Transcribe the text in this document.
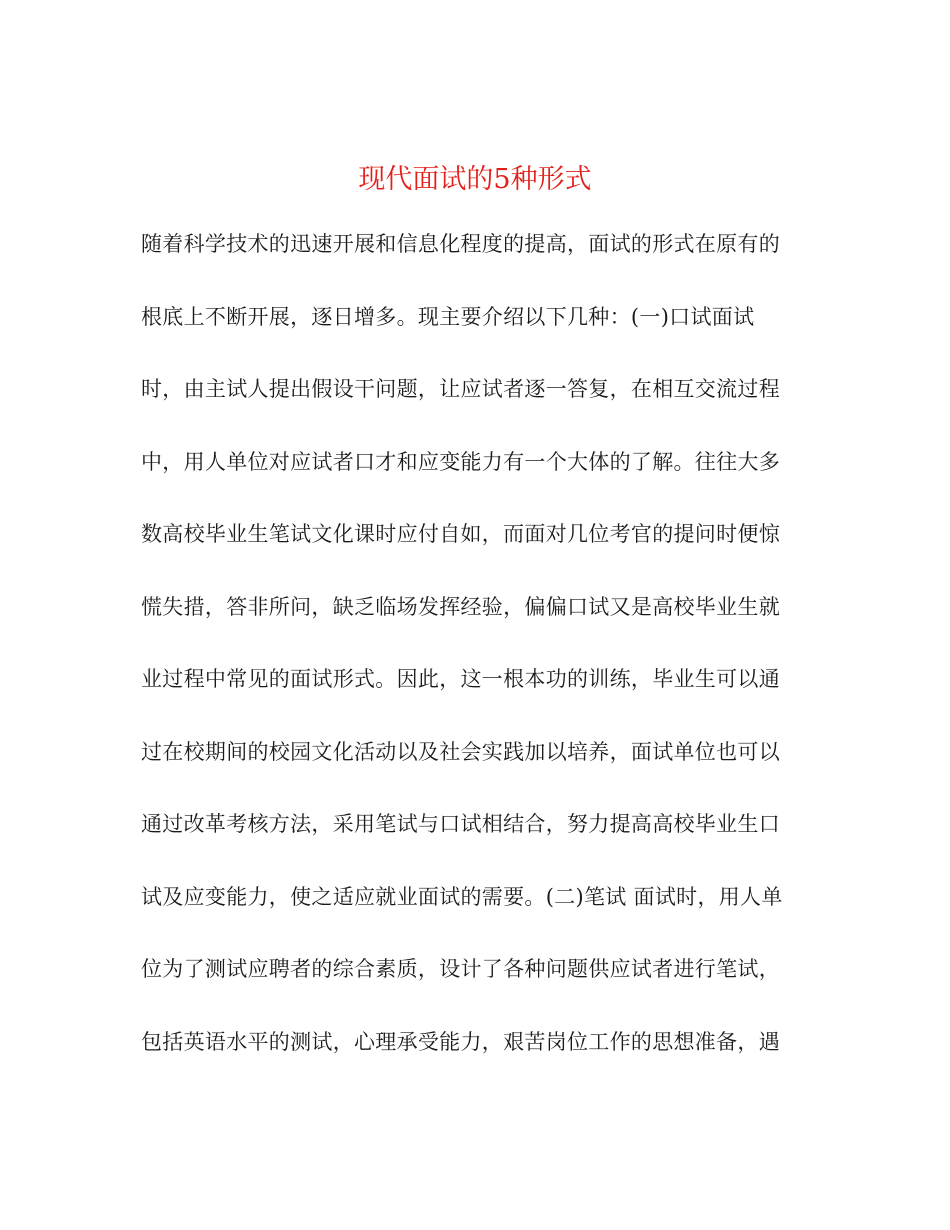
现代面试的5种形式
随着科学技术的迅速开展和信息化程度的提高，面试的形式在原有的
根底上不断开展，逐日增多。现主要介绍以下几种：(一)口试面试
时，由主试人提出假设干问题，让应试者逐一答复，在相互交流过程
中，用人单位对应试者口才和应变能力有一个大体的了解。往往大多
数高校毕业生笔试文化课时应付自如，而面对几位考官的提问时便惊
慌失措，答非所问，缺乏临场发挥经验，偏偏口试又是高校毕业生就
业过程中常见的面试形式。因此，这一根本功的训练，毕业生可以通
过在校期间的校园文化活动以及社会实践加以培养，面试单位也可以
通过改革考核方法，采用笔试与口试相结合，努力提高高校毕业生口
试及应变能力，使之适应就业面试的需要。(二)笔试 面试时，用人单
位为了测试应聘者的综合素质，设计了各种问题供应试者进行笔试，
包括英语水平的测试，心理承受能力，艰苦岗位工作的思想准备，遇
